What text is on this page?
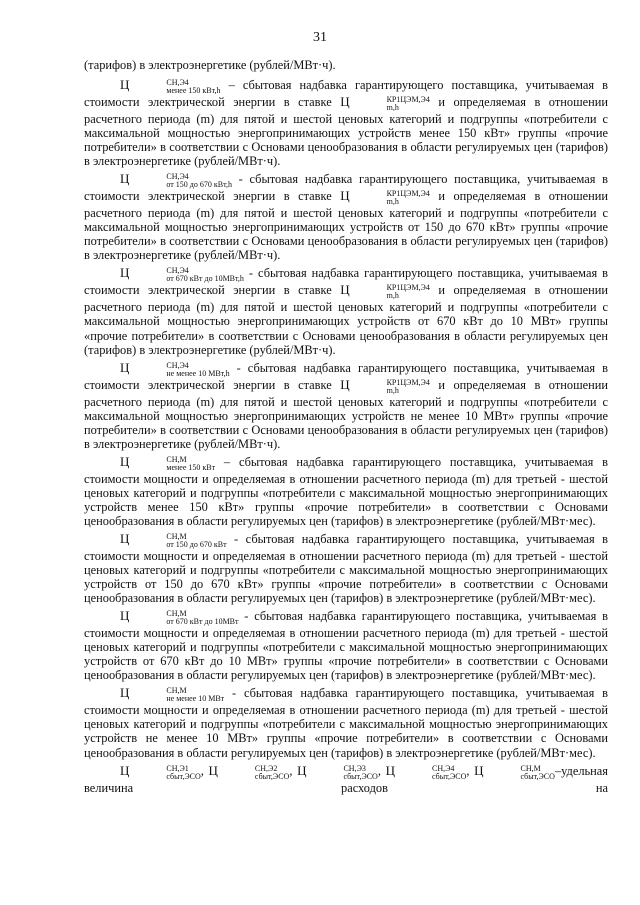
31

(тарифов) в электроэнергетике (рублей/МВт·ч).

Ц	СН,Э4
менее 150 кВт,h – сбытовая надбавка гарантирующего поставщика, учитываемая в стоимости электрической энергии в ставке Ц	КР1ЦЭМ,Э4
m,h	и определяемая в отношении расчетного периода (m) для пятой и шестой ценовых категорий и подгруппы «потребители с максимальной мощностью энергопринимающих устройств менее 150 кВт» группы «прочие потребители» в соответствии с Основами ценообразования в области регулируемых цен (тарифов) в электроэнергетике (рублей/МВт·ч).

Ц	СН,Э4
от 150 до 670 кВт,h - сбытовая надбавка гарантирующего поставщика, учитываемая в стоимости электрической энергии в ставке Ц	КР1ЦЭМ,Э4
m,h	и определяемая в отношении расчетного периода (m) для пятой и шестой ценовых категорий и подгруппы «потребители с максимальной мощностью энергопринимающих устройств от 150 до 670 кВт» группы «прочие потребители» в соответствии с Основами ценообразования в области регулируемых цен (тарифов) в электроэнергетике (рублей/МВт·ч).

Ц	СН,Э4
от 670 кВт до 10МВт,h - сбытовая надбавка гарантирующего поставщика, учитываемая в стоимости электрической энергии в ставке Ц	КР1ЦЭМ,Э4
m,h	и определяемая в отношении расчетного периода (m) для пятой и шестой ценовых категорий и подгруппы «потребители с максимальной мощностью энергопринимающих устройств от 670 кВт до 10 МВт» группы «прочие потребители» в соответствии с Основами ценообразования в области регулируемых цен (тарифов) в электроэнергетике (рублей/МВт·ч).

Ц	СН,Э4
не менее 10 МВт,h - сбытовая надбавка гарантирующего поставщика, учитываемая в стоимости электрической энергии в ставке Ц	КР1ЦЭМ,Э4
m,h	и определяемая в отношении расчетного периода (m) для пятой и шестой ценовых категорий и подгруппы «потребители с максимальной мощностью энергопринимающих устройств не менее 10 МВт» группы «прочие потребители» в соответствии с Основами ценообразования в области регулируемых цен (тарифов) в электроэнергетике (рублей/МВт·ч).

Ц	СН,М
менее 150 кВт – сбытовая надбавка гарантирующего поставщика, учитываемая в стоимости мощности и определяемая в отношении расчетного периода (m) для третьей - шестой ценовых категорий и подгруппы «потребители с максимальной мощностью энергопринимающих устройств менее 150 кВт» группы «прочие потребители» в соответствии с Основами ценообразования в области регулируемых цен (тарифов) в электроэнергетике (рублей/МВт·мес).

Ц	СН,М
от 150 до 670 кВт - сбытовая надбавка гарантирующего поставщика, учитываемая в стоимости мощности и определяемая в отношении расчетного периода (m) для третьей - шестой ценовых категорий и подгруппы «потребители с максимальной мощностью энергопринимающих устройств от 150 до 670 кВт» группы «прочие потребители» в соответствии с Основами ценообразования в области регулируемых цен (тарифов) в электроэнергетике (рублей/МВт·мес).

Ц	СН,М
от 670 кВт до 10МВт - сбытовая надбавка гарантирующего поставщика, учитываемая в стоимости мощности и определяемая в отношении расчетного периода (m) для третьей - шестой ценовых категорий и подгруппы «потребители с максимальной мощностью энергопринимающих устройств от 670 кВт до 10 МВт» группы «прочие потребители» в соответствии с Основами ценообразования в области регулируемых цен (тарифов) в электроэнергетике (рублей/МВт·мес).

Ц	СН,М
не менее 10 МВт - сбытовая надбавка гарантирующего поставщика, учитываемая в стоимости мощности и определяемая в отношении расчетного периода (m) для третьей - шестой ценовых категорий и подгруппы «потребители с максимальной мощностью энергопринимающих устройств не менее 10 МВт» группы «прочие потребители» в соответствии с Основами ценообразования в области регулируемых цен (тарифов) в электроэнергетике (рублей/МВт·мес).

Ц	СН,Э1
сбыт,ЭСО , Ц	СН,Э2
сбыт,ЭСО , Ц	СН,Э3
сбыт,ЭСО , Ц	СН,Э4
сбыт,ЭСО , Ц	СН,М
сбыт,ЭСО –удельная величина расходов на
